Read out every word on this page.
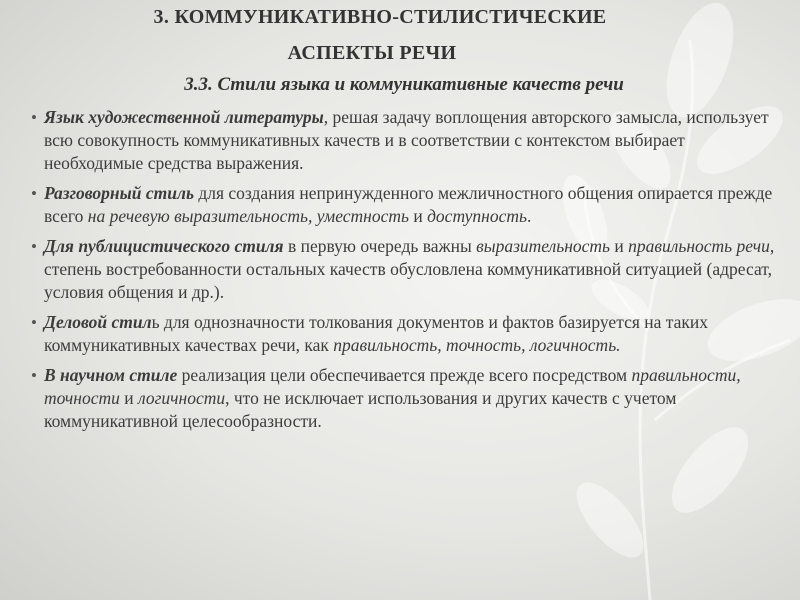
3. КОММУНИКАТИВНО-СТИЛИСТИЧЕСКИЕ
АСПЕКТЫ РЕЧИ
3.3. Стили языка и коммуникативные качеств речи
• Язык художественной литературы, решая задачу воплощения авторского замысла, использует всю совокупность коммуникативных качеств и в соответствии с контекстом выбирает необходимые средства выражения.
• Разговорный стиль для создания непринужденного межличностного общения опирается прежде всего на речевую выразительность, уместность и доступность.
• Для публицистического стиля в первую очередь важны выразительность и правильность речи, степень востребованности остальных качеств обусловлена коммуникативной ситуацией (адресат, условия общения и др.).
• Деловой стиль для однозначности толкования документов и фактов базируется на таких коммуникативных качествах речи, как правильность, точность, логичность.
• В научном стиле реализация цели обеспечивается прежде всего посредством правильности, точности и логичности, что не исключает использования и других качеств с учетом коммуникативной целесообразности.
